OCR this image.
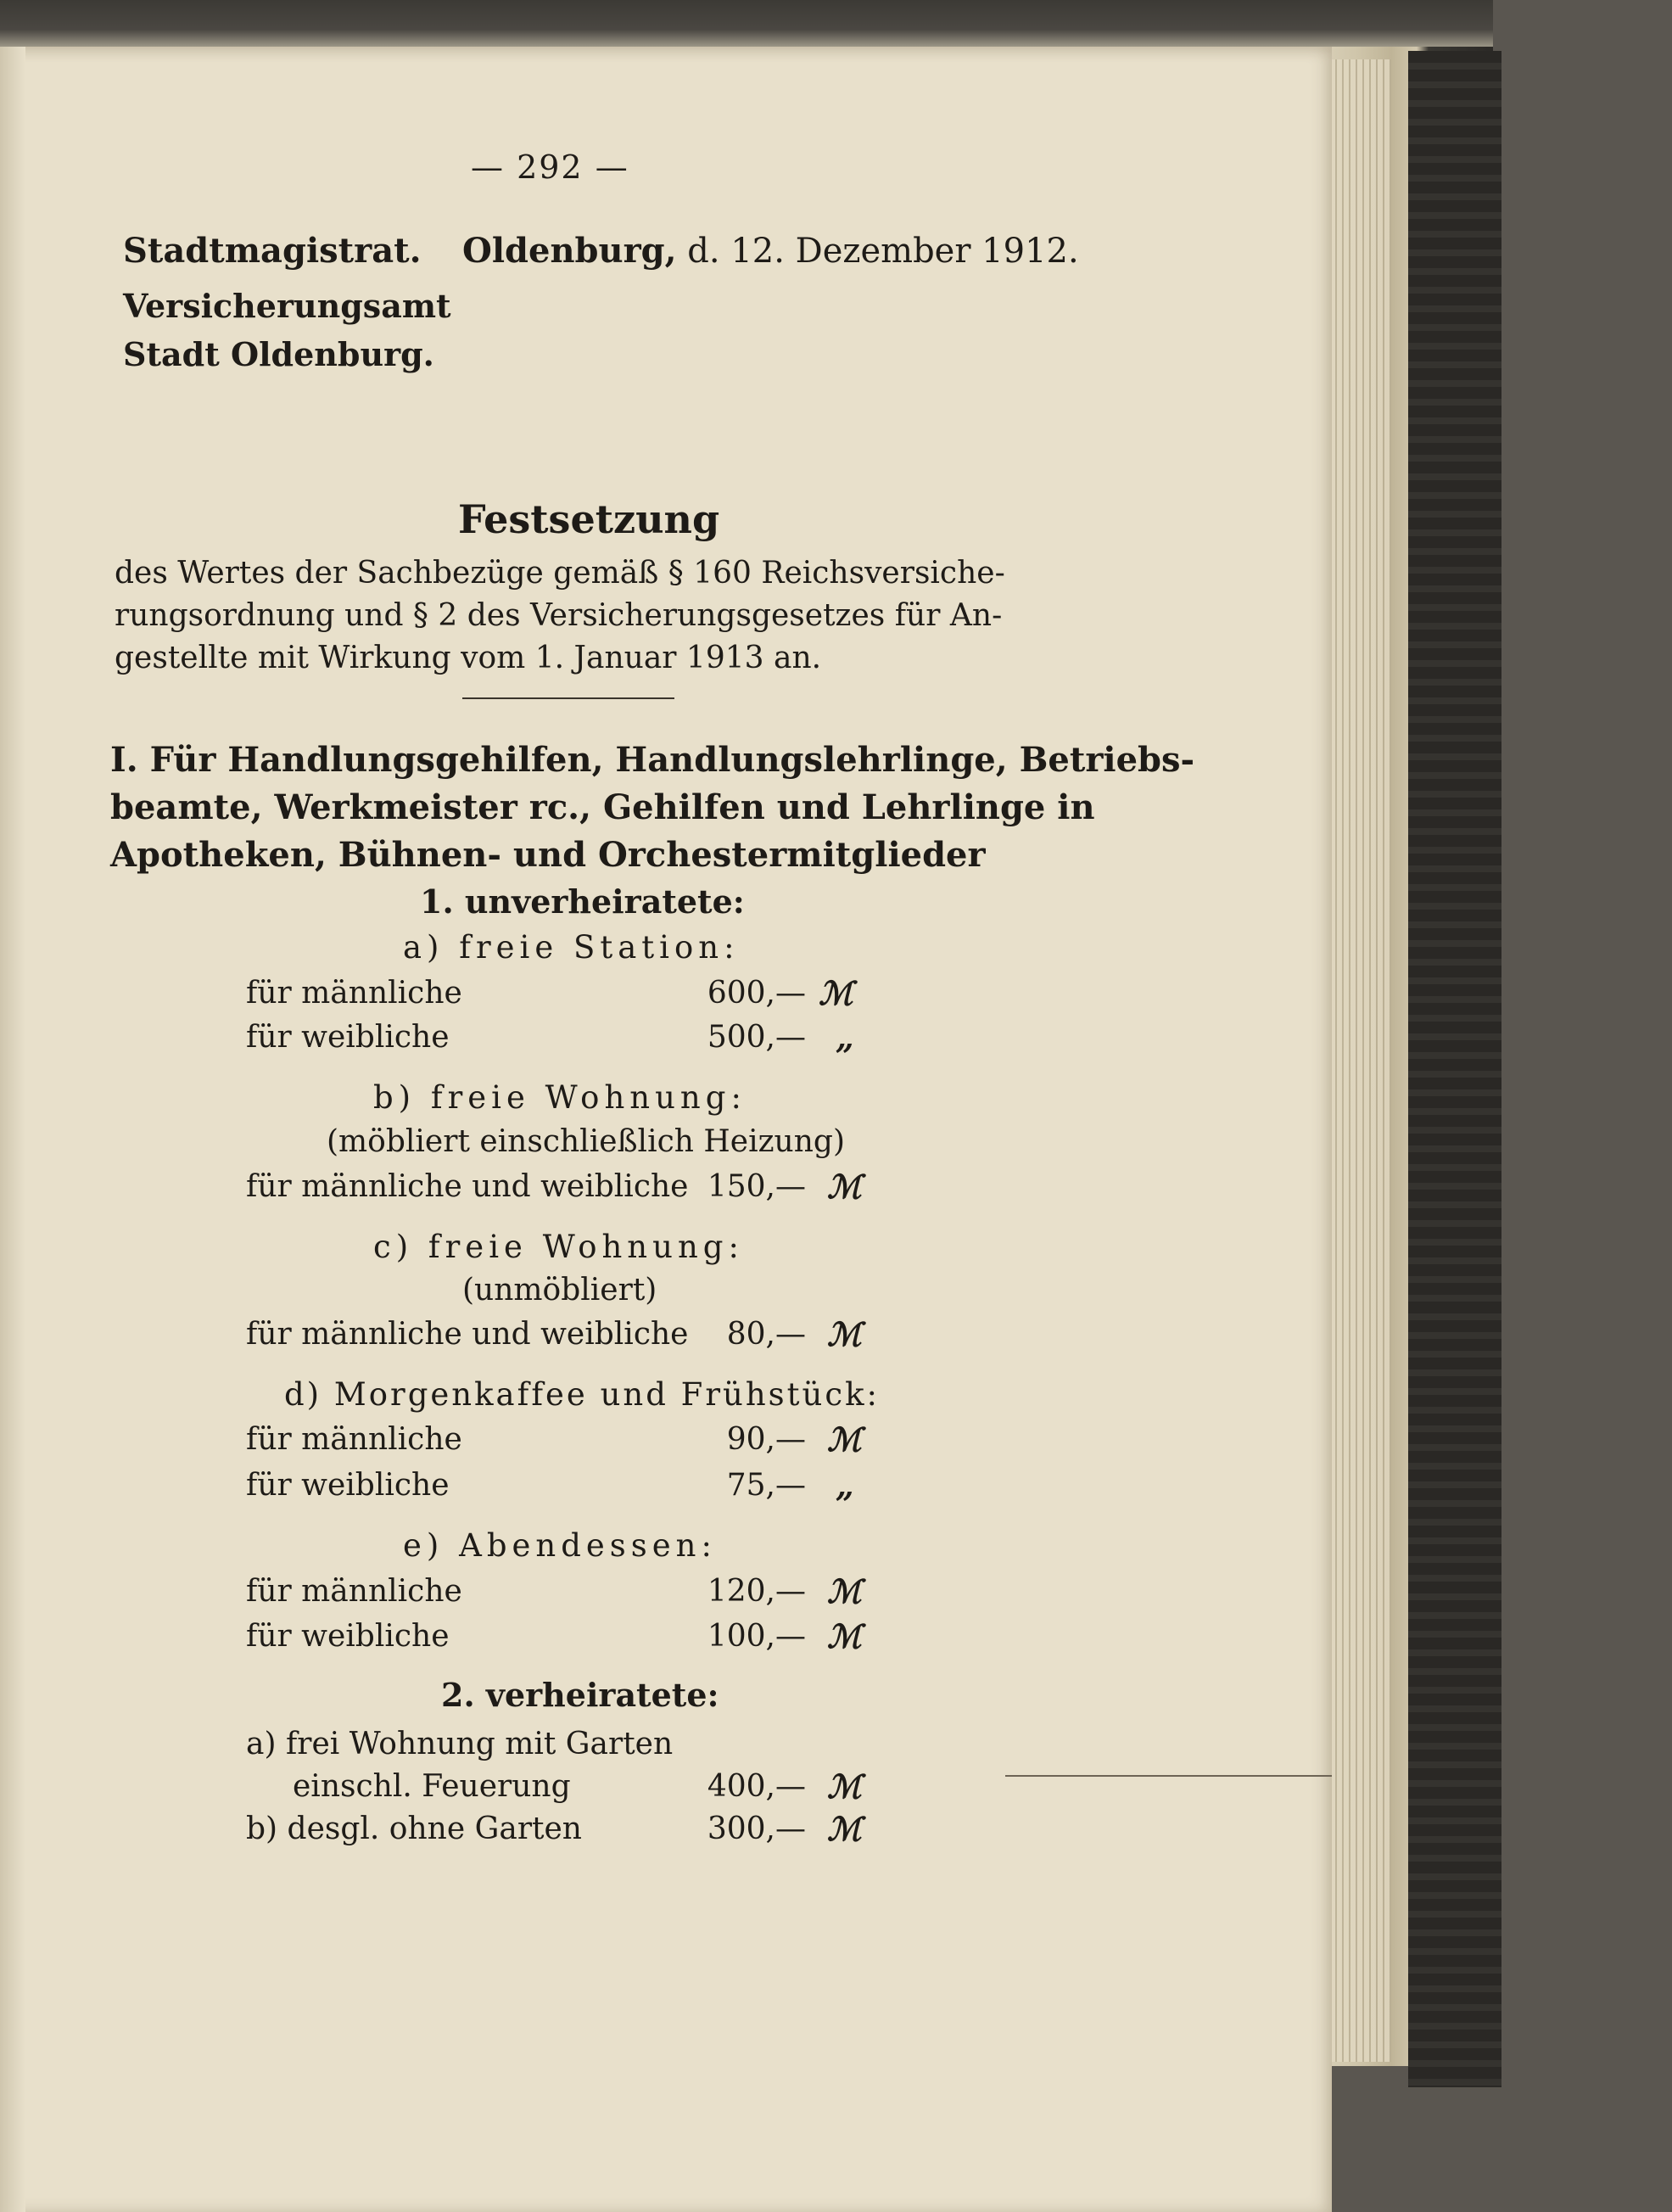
— 292 —
Stadtmagistrat. Oldenburg, d. 12. Dezember 1912.
Versicherungsamt
Stadt Oldenburg.
Festsetzung
des Wertes der Sachbezüge gemäß § 160 Reichsversiche-
rungsordnung und § 2 des Versicherungsgesetzes für An-
gestellte mit Wirkung vom 1. Januar 1913 an.
I. Für Handlungsgehilfen, Handlungslehrlinge, Betriebs-
beamte, Werkmeister rc., Gehilfen und Lehrlinge in
Apotheken, Bühnen- und Orchestermitglieder
1. unverheiratete:
a) freie Station:
für männliche	600,— ℳ
für weibliche	500,— „
b) freie Wohnung:
(möbliert einschließlich Heizung)
für männliche und weibliche 150,— ℳ
c) freie Wohnung:
(unmöbliert)
für männliche und weibliche	80,— ℳ
d) Morgenkaffee und Frühstück:
für männliche	90,— ℳ
für weibliche	75,— „
e) Abendessen:
für männliche	120,— ℳ
für weibliche	100,— ℳ
2. verheiratete:
a) frei Wohnung mit Garten
einschl. Feuerung	400,— ℳ
b) desgl. ohne Garten	300,— ℳ
